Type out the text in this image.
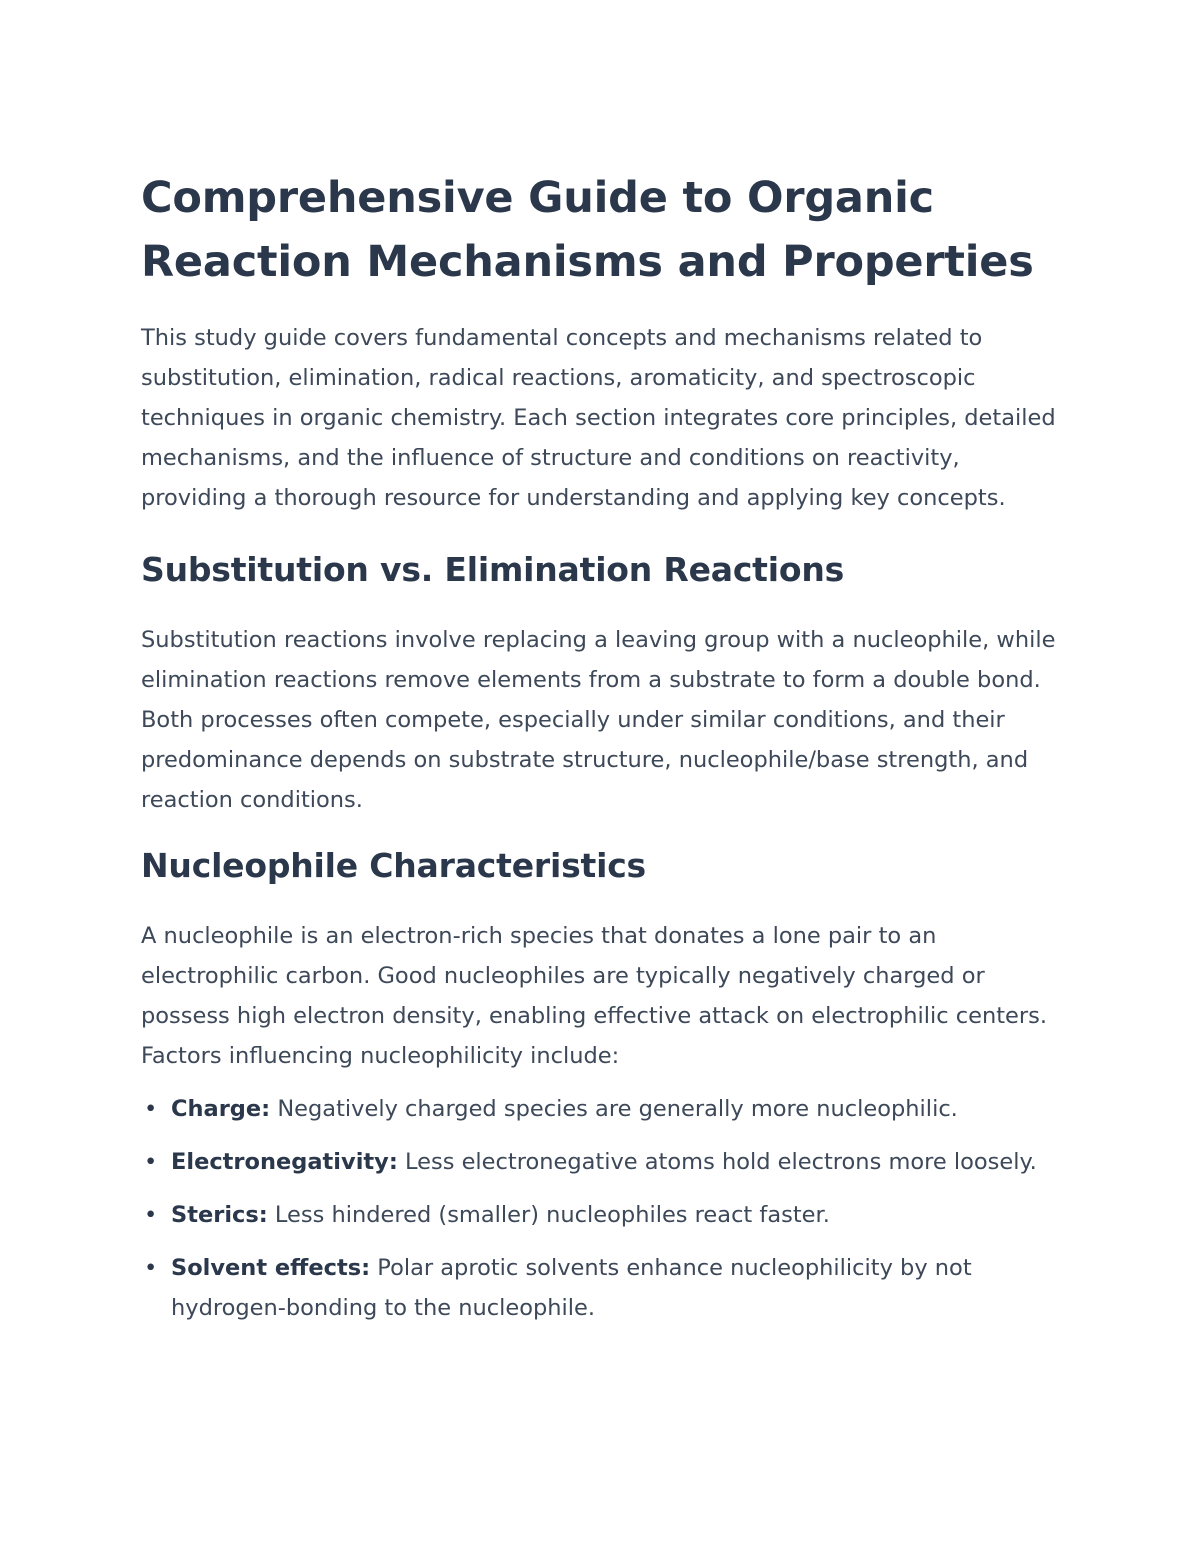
Comprehensive Guide to Organic Reaction Mechanisms and Properties

This study guide covers fundamental concepts and mechanisms related to substitution, elimination, radical reactions, aromaticity, and spectroscopic techniques in organic chemistry. Each section integrates core principles, detailed mechanisms, and the influence of structure and conditions on reactivity, providing a thorough resource for understanding and applying key concepts.

Substitution vs. Elimination Reactions

Substitution reactions involve replacing a leaving group with a nucleophile, while elimination reactions remove elements from a substrate to form a double bond. Both processes often compete, especially under similar conditions, and their predominance depends on substrate structure, nucleophile/base strength, and reaction conditions.

Nucleophile Characteristics

A nucleophile is an electron-rich species that donates a lone pair to an electrophilic carbon. Good nucleophiles are typically negatively charged or possess high electron density, enabling effective attack on electrophilic centers. Factors influencing nucleophilicity include:

• Charge: Negatively charged species are generally more nucleophilic.
• Electronegativity: Less electronegative atoms hold electrons more loosely.
• Sterics: Less hindered (smaller) nucleophiles react faster.
• Solvent effects: Polar aprotic solvents enhance nucleophilicity by not hydrogen-bonding to the nucleophile.
